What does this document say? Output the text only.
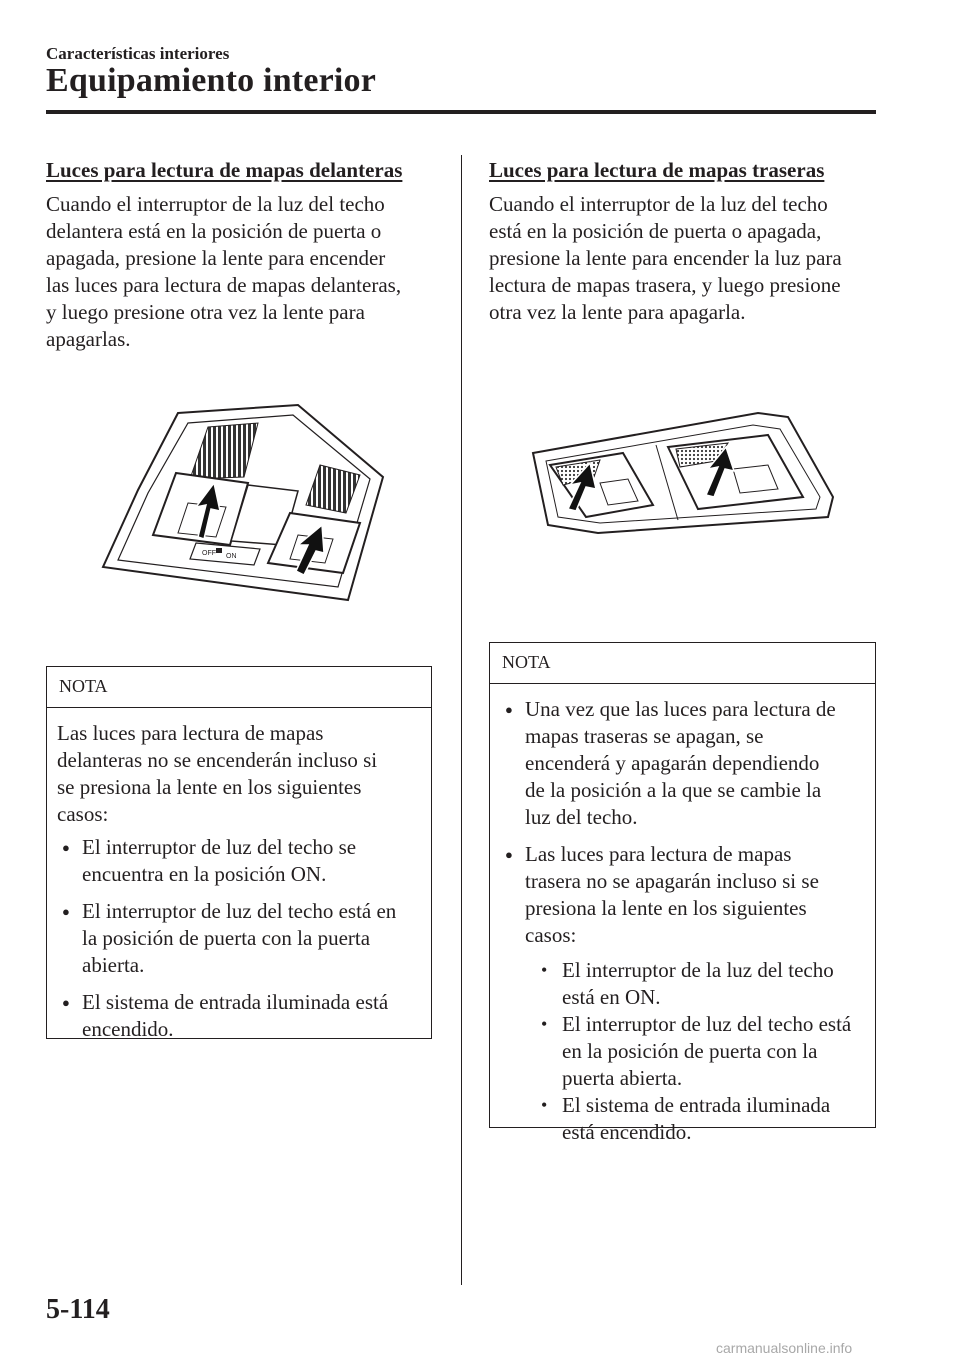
Características interiores
Equipamiento interior
Luces para lectura de mapas delanteras

Cuando el interruptor de la luz del techo
delantera está en la posición de puerta o
apagada, presione la lente para encender
las luces para lectura de mapas delanteras,
y luego presione otra vez la lente para
apagarlas.

OFF ON
NOTA

Las luces para lectura de mapas
delanteras no se encenderán incluso si
se presiona la lente en los siguientes
casos:

● El interruptor de luz del techo se
encuentra en la posición ON.
● El interruptor de luz del techo está en
la posición de puerta con la puerta
abierta.
● El sistema de entrada iluminada está
encendido.
Luces para lectura de mapas traseras

Cuando el interruptor de la luz del techo
está en la posición de puerta o apagada,
presione la lente para encender la luz para
lectura de mapas trasera, y luego presione
otra vez la lente para apagarla.

NOTA
● Una vez que las luces para lectura de
mapas traseras se apagan, se
encenderá y apagarán dependiendo
de la posición a la que se cambie la
luz del techo.
● Las luces para lectura de mapas
trasera no se apagarán incluso si se
presiona la lente en los siguientes
casos:
• El interruptor de la luz del techo
está en ON.
• El interruptor de luz del techo está
en la posición de puerta con la
puerta abierta.
• El sistema de entrada iluminada
está encendido.
5-114
carmanualsonline.info
